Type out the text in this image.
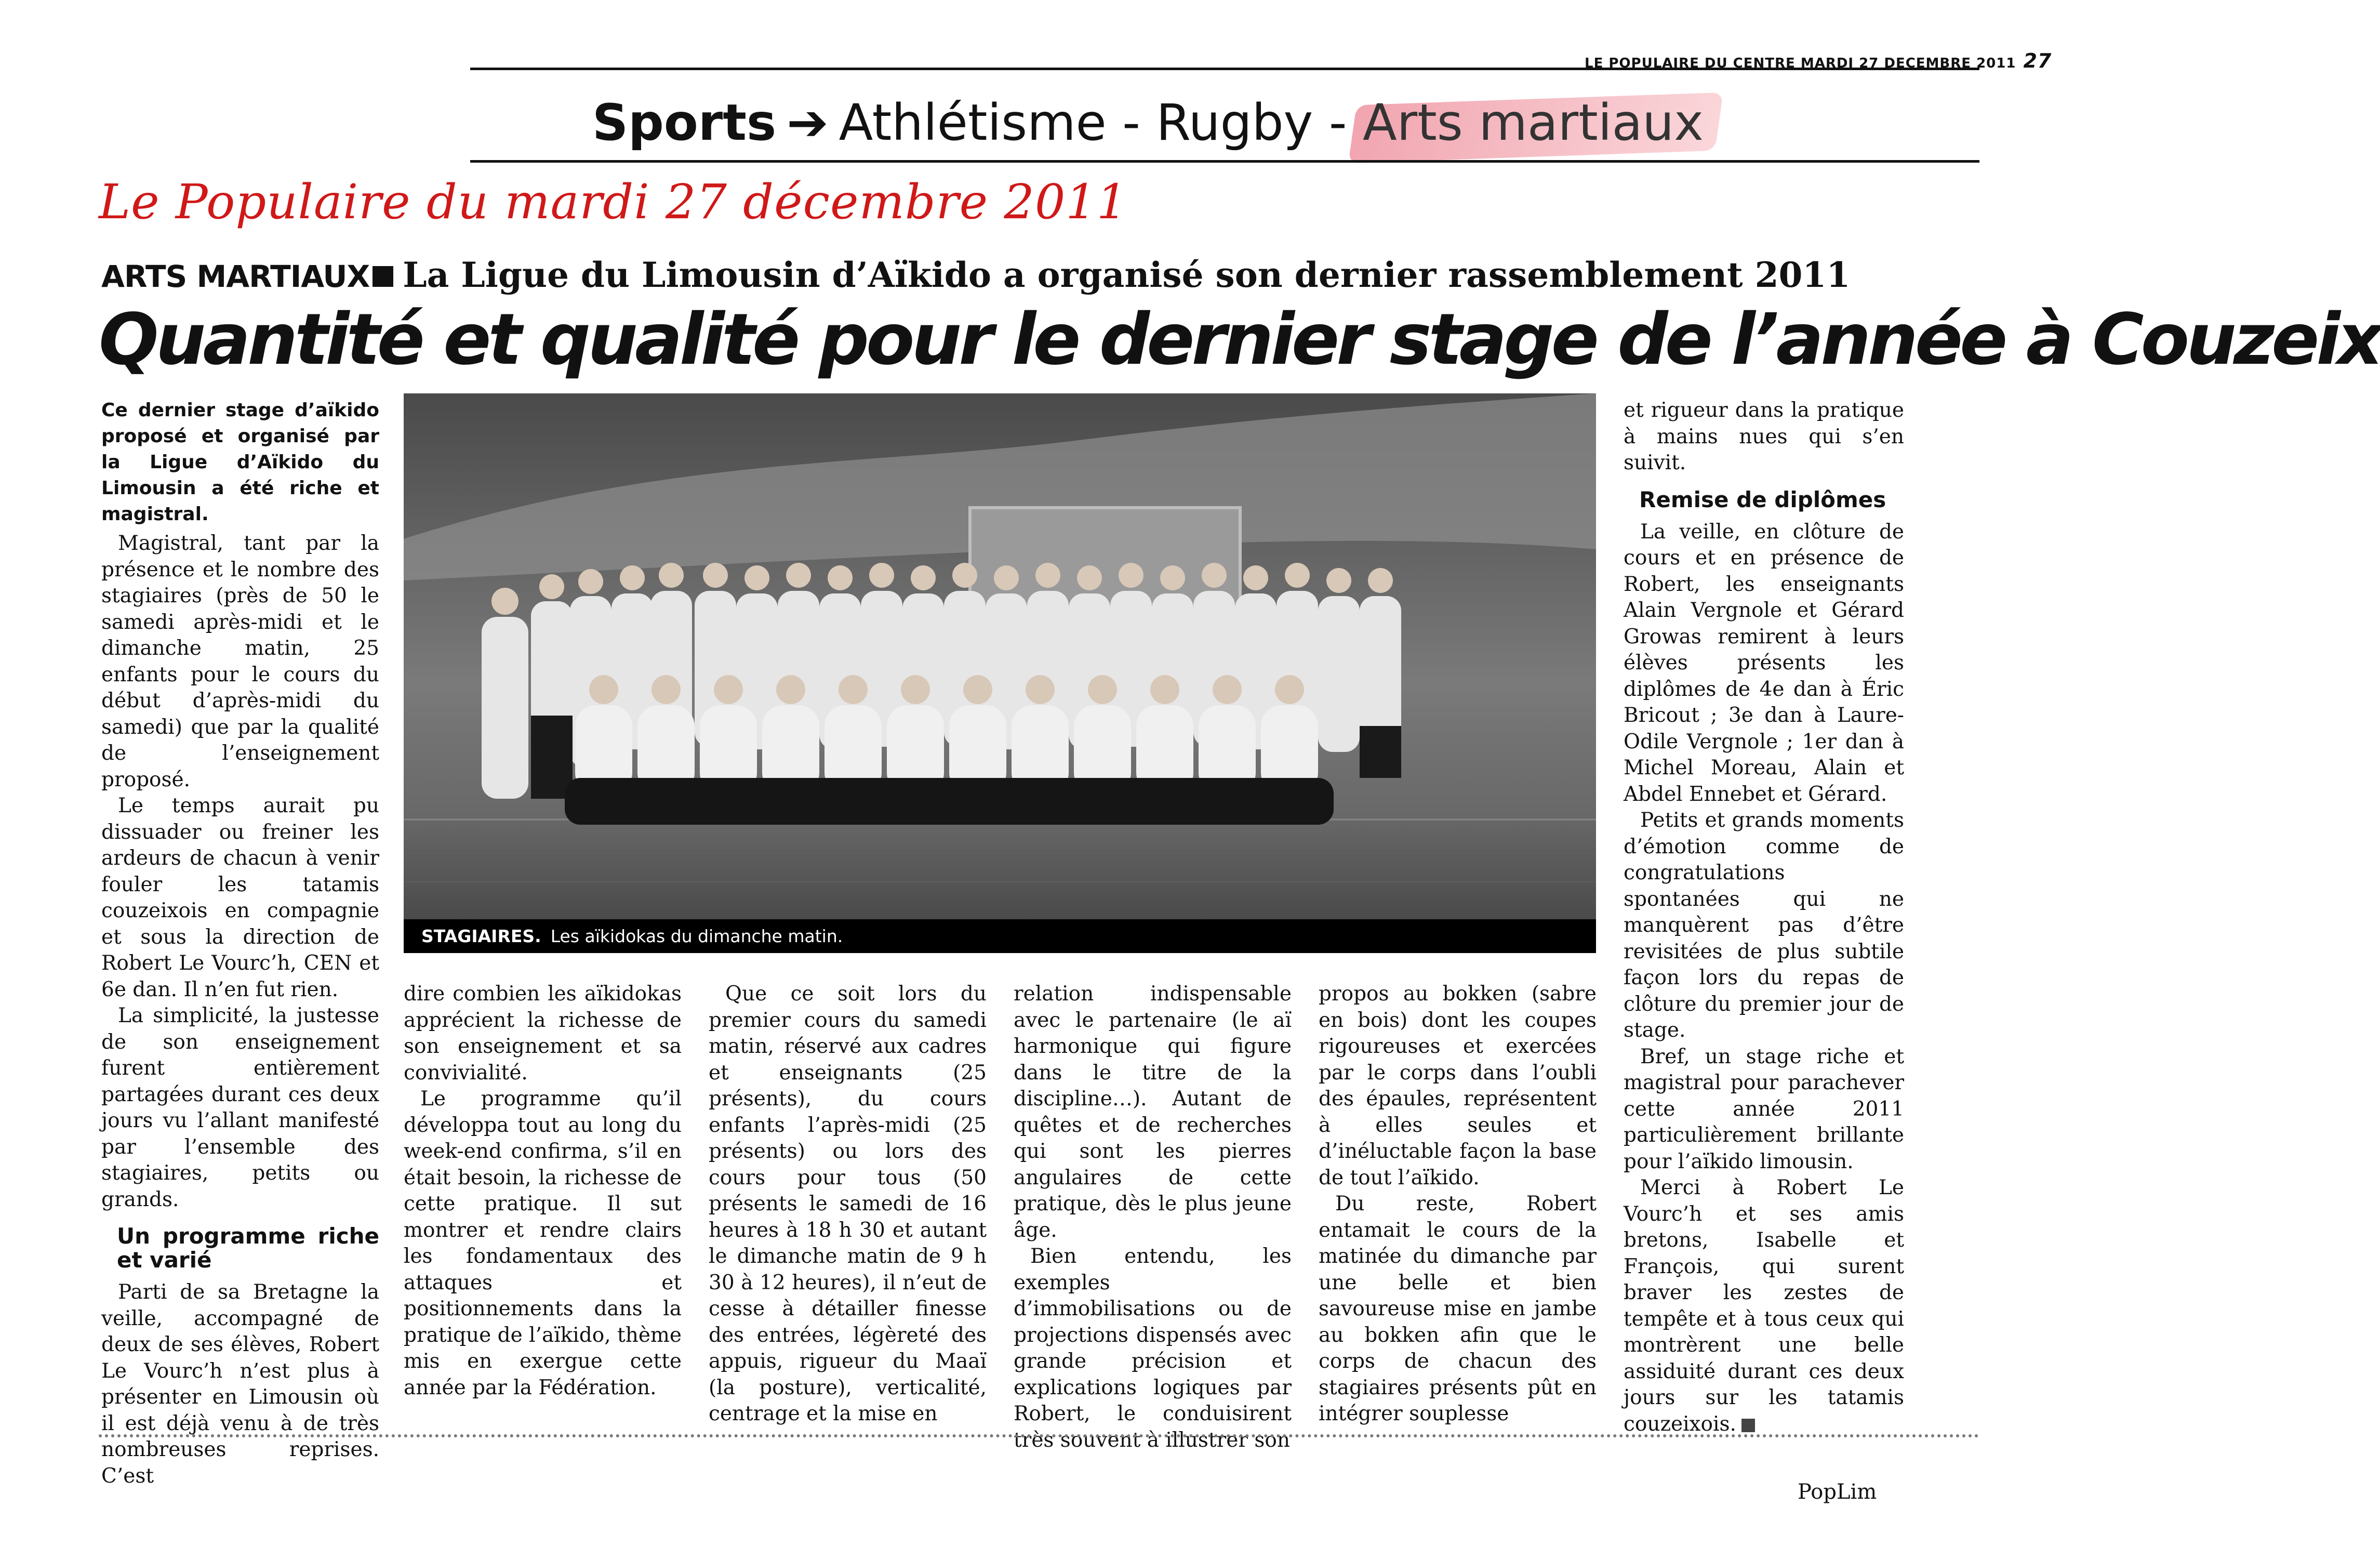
LE POPULAIRE DU CENTRE MARDI 27 DECEMBRE 2011 27
Sports ➔ Athlétisme - Rugby - Arts martiaux
Le Populaire du mardi 27 décembre 2011
ARTS MARTIAUX La Ligue du Limousin d’Aïkido a organisé son dernier rassemblement 2011
Quantité et qualité pour le dernier stage de l’année à Couzeix

Ce dernier stage d’aïkido proposé et organisé par la Ligue d’Aïkido du Limousin a été riche et magistral.

Magistral, tant par la présence et le nombre des stagiaires (près de 50 le samedi après-midi et le dimanche matin, 25 enfants pour le cours du début d’après-midi du samedi) que par la qualité de l’enseignement proposé.

Le temps aurait pu dissuader ou freiner les ardeurs de chacun à venir fouler les tatamis couzeixois en compagnie et sous la direction de Robert Le Vourc’h, CEN et 6e dan. Il n’en fut rien.

La simplicité, la justesse de son enseignement furent entièrement partagées durant ces deux jours vu l’allant manifesté par l’ensemble des stagiaires, petits ou grands.

Un programme riche et varié

Parti de sa Bretagne la veille, accompagné de deux de ses élèves, Robert Le Vourc’h n’est plus à présenter en Limousin où il est déjà venu à de très nombreuses reprises. C’est

STAGIAIRES. Les aïkidokas du dimanche matin.

dire combien les aïkidokas apprécient la richesse de son enseignement et sa convivialité.

Le programme qu’il développa tout au long du week-end confirma, s’il en était besoin, la richesse de cette pratique. Il sut montrer et rendre clairs les fondamentaux des attaques et positionnements dans la pratique de l’aïkido, thème mis en exergue cette année par la Fédération.

Que ce soit lors du premier cours du samedi matin, réservé aux cadres et enseignants (25 présents), du cours enfants l’après-midi (25 présents) ou lors des cours pour tous (50 présents le samedi de 16 heures à 18 h 30 et autant le dimanche matin de 9 h 30 à 12 heures), il n’eut de cesse à détailler finesse des entrées, légèreté des appuis, rigueur du Maaï (la posture), verticalité, centrage et la mise en

relation indispensable avec le partenaire (le aï harmonique qui figure dans le titre de la discipline…). Autant de quêtes et de recherches qui sont les pierres angulaires de cette pratique, dès le plus jeune âge.

Bien entendu, les exemples d’immobilisations ou de projections dispensés avec grande précision et explications logiques par Robert, le conduisirent très souvent à illustrer son

propos au bokken (sabre en bois) dont les coupes rigoureuses et exercées par le corps dans l’oubli des épaules, représentent à elles seules et d’inéluctable façon la base de tout l’aïkido.

Du reste, Robert entamait le cours de la matinée du dimanche par une belle et bien savoureuse mise en jambe au bokken afin que le corps de chacun des stagiaires présents pût en intégrer souplesse

et rigueur dans la pratique à mains nues qui s’en suivit.

Remise de diplômes

La veille, en clôture de cours et en présence de Robert, les enseignants Alain Vergnole et Gérard Growas remirent à leurs élèves présents les diplômes de 4e dan à Éric Bricout ; 3e dan à Laure-Odile Vergnole ; 1er dan à Michel Moreau, Alain et Abdel Ennebet et Gérard.

Petits et grands moments d’émotion comme de congratulations spontanées qui ne manquèrent pas d’être revisitées de plus subtile façon lors du repas de clôture du premier jour de stage.

Bref, un stage riche et magistral pour parachever cette année 2011 particulièrement brillante pour l’aïkido limousin.

Merci à Robert Le Vourc’h et ses amis bretons, Isabelle et François, qui surent braver les zestes de tempête et à tous ceux qui montrèrent une belle assiduité durant ces deux jours sur les tatamis couzeixois.

PopLim
